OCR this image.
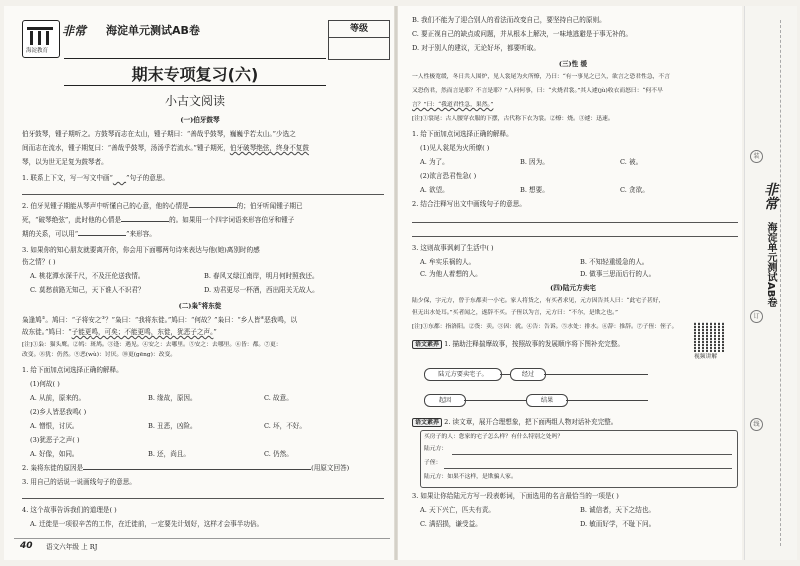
海淀教育
非常 海淀单元测试AB卷	等级
期末专项复习(六)
小古文阅读
(一)伯牙鼓琴
伯牙鼓琴，锺子期听之。方鼓琴而志在太山，锺子期曰：“善哉乎鼓琴，巍巍乎若太山。”少选之
间而志在流水，锺子期复曰：“善哉乎鼓琴，汤汤乎若流水。”锺子期死，伯牙破琴绝弦，终身不复鼓
琴，以为世无足复为鼓琴者。
1. 联系上下文，写一写文中画“   ”句子的意思。
2. 伯牙见锺子期能从琴声中听懂自己的心意，他的心情是	的；伯牙听闻锺子期已
死，“破琴绝弦”，此时他的心情是	的。如果用一个四字词语来形容伯牙和锺子
期的关系，可以用“	”来形容。
3. 如果你的知心朋友就要离开你，你会用下面哪两句诗来表达与他(她)离别时的感
伤之情？( )
A. 桃花潭水深千尺，不及汪伦送我情。	B. 春风又绿江南岸，明月何时照我还。
C. 莫愁前路无知己，天下谁人不识君？	D. 劝君更尽一杯酒，西出阳关无故人。
(二)枭①将东徙
枭逢鸠②。鸠曰：“子将安之③？”枭曰：“我将东徙。”鸠曰：“何故？”枭曰：“乡人皆④恶我鸣，以
故东徙。”鸠曰：“子能更鸣，可矣；不能更鸣，东徙，犹恶子之声。”
[注]①枭：猫头鹰。②鸠：斑鸠。③逢：遇见。④安之：去哪里。⑤安之：去哪里。⑥皆：都。⑦更：
改变。⑧犹：仍然。⑨恶(wù)：讨厌。⑩更(gēng)：改变。
1. 给下面加点词选择正确的解释。
(1)何故( )
A. 从前，原来的。	B. 缘故，原因。	C. 故意。
(2)乡人皆恶我鸣( )
A. 憎恨，讨厌。	B. 丑恶，凶险。	C. 坏，不好。
(3)犹恶子之声( )
A. 好像，如同。	B. 还，尚且。	C. 仍然。
2. 枭将东徙的原因是	(用原文回答)
3. 用自己的话说一说画线句子的意思。
4. 这个故事告诉我们的道理是( )
A. 迁徙是一项很辛苦的工作，在迁徙前，一定要先计划好，这样才会事半功倍。
40 语文六年级 上 RJ
B. 我们不能为了迎合别人的看法而改变自己，要坚持自己的原则。
C. 要正视自己的缺点或问题，并从根本上解决，一味地逃避是于事无补的。
D. 对于别人的建议，无论好坏，都要听取。
(三)性 缓
一人性极宽缓，冬日共人围炉，见人裳尾为火所燎，乃曰：“有一事见之已久，欲言之恐君性急，不言
又恐伤君，然而言是耶？不言是耶？”人问何事，曰：“火烧君裳。”其人遽(jù)收衣而怒曰：“何不早
言？”曰：“我道君性急，果然。”
[注]①裳尾：古人腰穿衣服的下摆，古代称下衣为裳。②燎：烧。③遽：迅速。
1. 给下面加点词选择正确的解释。
(1)见人裳尾为火所燎( )
A. 为了。	B. 因为。	C. 被。
(2)欲言恐君性急( )
A. 欲望。	B. 想要。	C. 贪欲。
2. 结合注释写出文中画线句子的意思。
3. 这则故事讽刺了生活中( )
A. 牟实乐祸的人。	B. 不知轻重缓急的人。
C. 为他人着想的人。	D. 做事三思而后行的人。
(四)陆元方卖宅
陆少保，字元方，曾于东都卖一小宅。家人将货之，有买者求见，元方因告其人曰：“此宅子甚好，
但无出水处耳。”买者闻之，遂辞不买。子侄以为言，元方曰：“不尔，是欺之也。”
[注]①东都：指洛阳。②货：卖。③因：就。④告：告诉。⑤水处：排水。⑥辞：推辞。⑦子侄：侄子。
语文素养 1. 描助注释揣摩故事，按照故事的发展顺序将下图补充完整。
视频讲解
陆元方要卖宅子。	经过
起因	结果
语文素养 2. 读文章，展开合理想象，把下面两组人物对话补充完整。
买房子的人：您家的宅子怎么样？有什么特别之处吗？
陆元方：
子侄：
陆元方：如果不这样，是欺骗人家。
3. 如果让你给陆元方写一段表彰词，下面选用的名言最恰当的一项是( )
A. 天下兴亡，匹夫有责。	B. 诚信者，天下之结也。
C. 满招损，谦受益。	D. 敏而好学，不耻下问。
装
非常
海淀单元测试AB卷
订
线
